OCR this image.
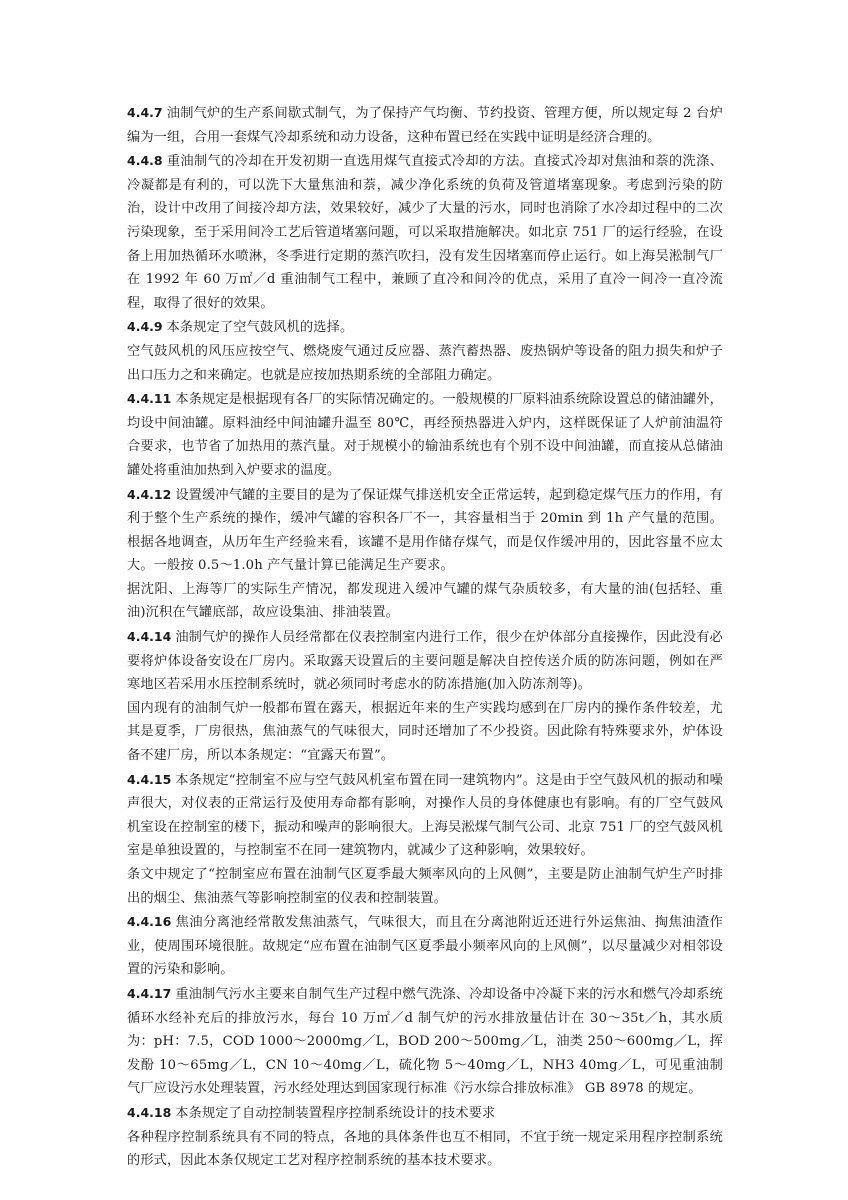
4.4.7 油制气炉的生产系间歇式制气，为了保持产气均衡、节约投资、管理方便，所以规定每 2 台炉编为一组，合用一套煤气冷却系统和动力设备，这种布置已经在实践中证明是经济合理的。

4.4.8 重油制气的冷却在开发初期一直选用煤气直接式冷却的方法。直接式冷却对焦油和萘的洗涤、冷凝都是有利的，可以洗下大量焦油和萘，减少净化系统的负荷及管道堵塞现象。考虑到污染的防治，设计中改用了间接冷却方法，效果较好，减少了大量的污水，同时也消除了水冷却过程中的二次污染现象，至于采用间冷工艺后管道堵塞问题，可以采取措施解决。如北京 751 厂的运行经验，在设备上用加热循环水喷淋，冬季进行定期的蒸汽吹扫，没有发生因堵塞而停止运行。如上海吴淞制气厂在 1992 年 60 万㎡／d 重油制气工程中，兼顾了直冷和间冷的优点，采用了直冷一间冷一直冷流程，取得了很好的效果。

4.4.9 本条规定了空气鼓风机的选择。

空气鼓风机的风压应按空气、燃烧废气通过反应器、蒸汽蓄热器、废热锅炉等设备的阻力损失和炉子出口压力之和来确定。也就是应按加热期系统的全部阻力确定。

4.4.11 本条规定是根据现有各厂的实际情况确定的。一般规模的厂原料油系统除设置总的储油罐外，均设中间油罐。原料油经中间油罐升温至 80℃，再经预热器进入炉内，这样既保证了人炉前油温符合要求，也节省了加热用的蒸汽量。对于规模小的输油系统也有个别不设中间油罐，而直接从总储油罐处将重油加热到入炉要求的温度。

4.4.12 设置缓冲气罐的主要目的是为了保证煤气排送机安全正常运转，起到稳定煤气压力的作用，有利于整个生产系统的操作，缓冲气罐的容积各厂不一，其容量相当于 20min 到 1h 产气量的范围。根据各地调查，从历年生产经验来看，该罐不是用作储存煤气，而是仅作缓冲用的，因此容量不应太大。一般按 0.5～1.0h 产气量计算已能满足生产要求。

据沈阳、上海等厂的实际生产情况，都发现进入缓冲气罐的煤气杂质较多，有大量的油(包括轻、重油)沉积在气罐底部，故应设集油、排油装置。

4.4.14 油制气炉的操作人员经常都在仪表控制室内进行工作，很少在炉体部分直接操作，因此没有必要将炉体设备安设在厂房内。采取露天设置后的主要问题是解决自控传送介质的防冻问题，例如在严寒地区若采用水压控制系统时，就必须同时考虑水的防冻措施(加入防冻剂等)。

国内现有的油制气炉一般都布置在露天，根据近年来的生产实践均感到在厂房内的操作条件较差，尤其是夏季，厂房很热，焦油蒸气的气味很大，同时还增加了不少投资。因此除有特殊要求外，炉体设备不建厂房，所以本条规定：“宜露天布置”。

4.4.15 本条规定“控制室不应与空气鼓风机室布置在同一建筑物内”。这是由于空气鼓风机的振动和噪声很大，对仪表的正常运行及使用寿命都有影响，对操作人员的身体健康也有影响。有的厂空气鼓风机室设在控制室的楼下，振动和噪声的影响很大。上海吴淞煤气制气公司、北京 751 厂的空气鼓风机室是单独设置的，与控制室不在同一建筑物内，就减少了这种影响，效果较好。

条文中规定了“控制室应布置在油制气区夏季最大频率风向的上风侧”，主要是防止油制气炉生产时排出的烟尘、焦油蒸气等影响控制室的仪表和控制装置。

4.4.16 焦油分离池经常散发焦油蒸气，气味很大，而且在分离池附近还进行外运焦油、掏焦油渣作业，使周围环境很脏。故规定“应布置在油制气区夏季最小频率风向的上风侧”，以尽量减少对相邻设置的污染和影响。

4.4.17 重油制气污水主要来自制气生产过程中燃气洗涤、冷却设备中冷凝下来的污水和燃气冷却系统循环水经补充后的排放污水，每台 10 万㎡／d 制气炉的污水排放量估计在 30～35t／h，其水质为：pH：7.5，COD 1000～2000mg／L，BOD 200～500mg／L，油类 250～600mg／L，挥发酚 10～65mg／L，CN 10～40mg／L，硫化物 5～40mg／L，NH3 40mg／L，可见重油制气厂应设污水处理装置，污水经处理达到国家现行标准《污水综合排放标准》 GB 8978 的规定。

4.4.18 本条规定了自动控制装置程序控制系统设计的技术要求

各种程序控制系统具有不同的特点，各地的具体条件也互不相同，不宜于统一规定采用程序控制系统的形式，因此本条仅规定工艺对程序控制系统的基本技术要求。
